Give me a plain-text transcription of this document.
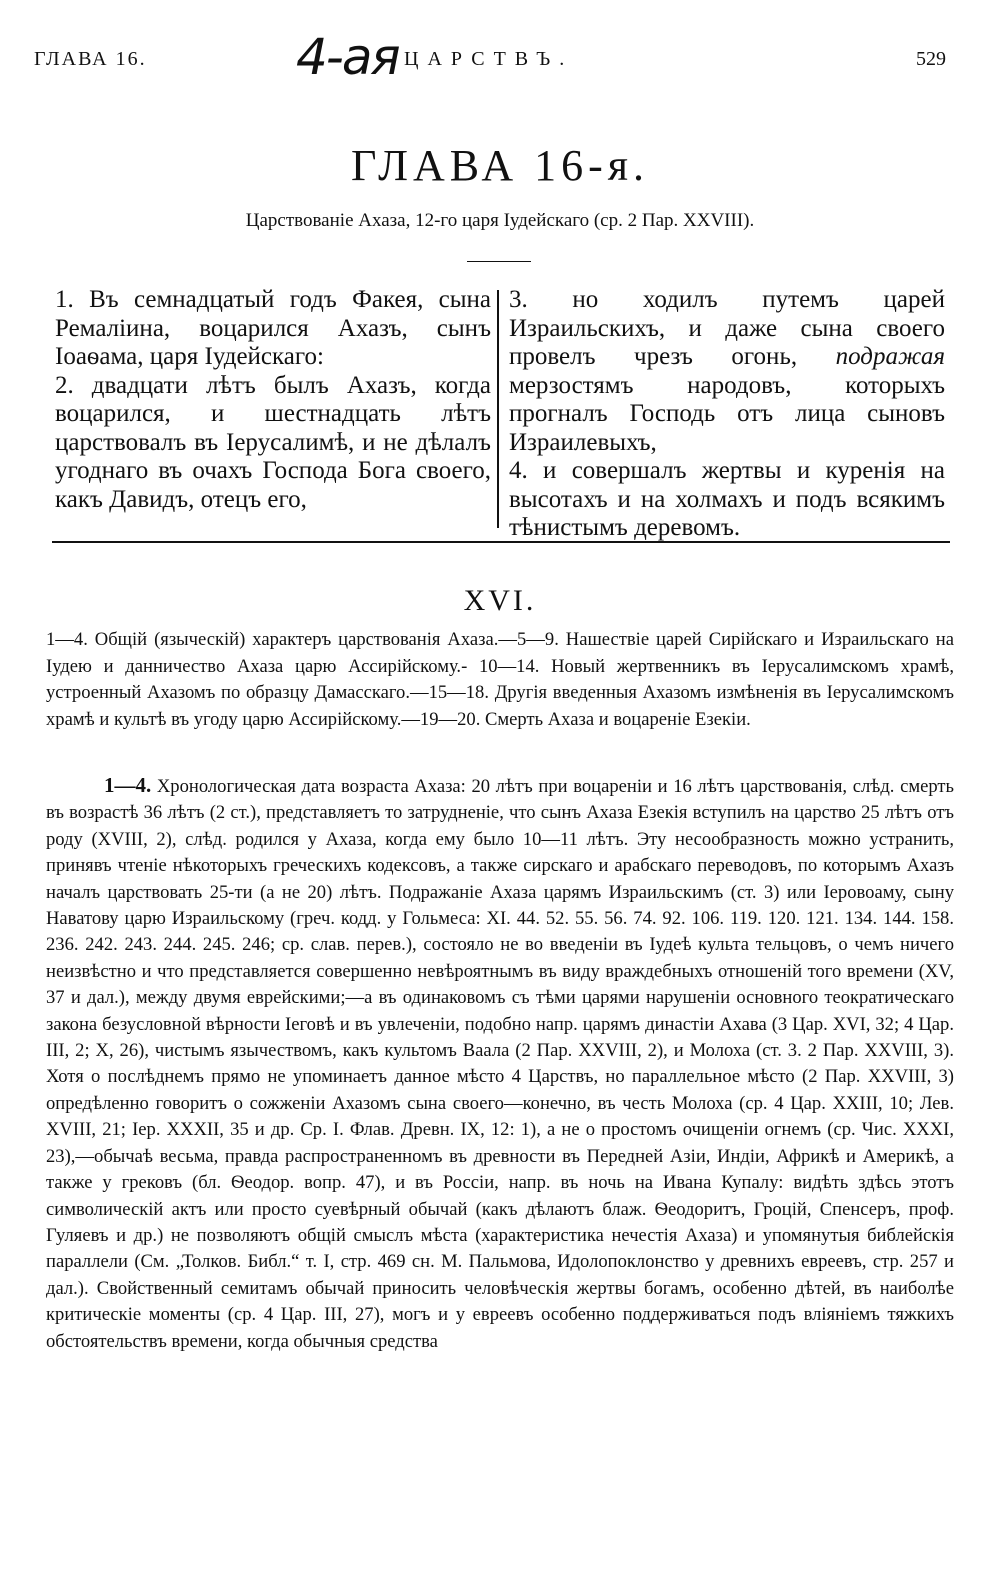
ГЛАВА 16.	4-ая ЦАРСТВЪ.	529
ГЛАВА 16-я.
Царствованіе Ахаза, 12-го царя Іудейскаго (ср. 2 Пар. XXVIII).

1. Въ семнадцатый годъ Факея, сына Ремаліина, воцарился Ахазъ, сынъ Іоаѳама, царя Іудейскаго:

2. двадцати лѣтъ былъ Ахазъ, когда воцарился, и шестнадцать лѣтъ царствовалъ въ Іерусалимѣ, и не дѣлалъ угоднаго въ очахъ Господа Бога своего, какъ Давидъ, отецъ его,

3. но ходилъ путемъ царей Израильскихъ, и даже сына своего провелъ чрезъ огонь, подражая мерзостямъ народовъ, которыхъ прогналъ Господь отъ лица сыновъ Израилевыхъ,

4. и совершалъ жертвы и куренія на высотахъ и на холмахъ и подъ всякимъ тѣнистымъ деревомъ.

XVI.

1—4. Общій (языческій) характеръ царствованія Ахаза.—5—9. Нашествіе царей Сирійскаго и Израильскаго на Іудею и данничество Ахаза царю Ассирійскому.- 10—14. Новый жертвенникъ въ Іерусалимскомъ храмѣ, устроенный Ахазомъ по образцу Дамасскаго.—15—18. Другія введенныя Ахазомъ измѣненія въ Іерусалимскомъ храмѣ и культѣ въ угоду царю Ассирійскому.—19—20. Смерть Ахаза и воцареніе Езекіи.

1—4. Хронологическая дата возраста Ахаза: 20 лѣтъ при воцареніи и 16 лѣтъ царствованія, слѣд. смерть въ возрастѣ 36 лѣтъ (2 ст.), представляетъ то затрудненіе, что сынъ Ахаза Езекія вступилъ на царство 25 лѣтъ отъ роду (XVIII, 2), слѣд. родился у Ахаза, когда ему было 10—11 лѣтъ. Эту несообразность можно устранить, принявъ чтеніе нѣкоторыхъ греческихъ кодексовъ, а также сирскаго и арабскаго переводовъ, по которымъ Ахазъ началъ царствовать 25-ти (а не 20) лѣтъ. Подражаніе Ахаза царямъ Израильскимъ (ст. 3) или Іеровоаму, сыну Наватову царю Израильскому (греч. кодд. у Гольмеса: XI. 44. 52. 55. 56. 74. 92. 106. 119. 120. 121. 134. 144. 158. 236. 242. 243. 244. 245. 246; ср. слав. перев.), состояло не во введеніи въ Іудеѣ культа тельцовъ, о чемъ ничего неизвѣстно и что представляется совершенно невѣроятнымъ въ виду враждебныхъ отношеній того времени (XV, 37 и дал.), между двумя еврейскими;—а въ одинаковомъ съ тѣми царями нарушеніи основного теократическаго закона безусловной вѣрности Іеговѣ и въ увлеченіи, подобно напр. царямъ династіи Ахава (3 Цар. XVI, 32; 4 Цар. III, 2; X, 26), чистымъ язычествомъ, какъ культомъ Ваала (2 Пар. XXVIII, 2), и Молоха (ст. 3. 2 Пар. XXVIII, 3). Хотя о послѣднемъ прямо не упоминаетъ данное мѣсто 4 Царствъ, но параллельное мѣсто (2 Пар. XXVIII, 3) опредѣленно говоритъ о сожженіи Ахазомъ сына своего—конечно, въ честь Молоха (ср. 4 Цар. XXIII, 10; Лев. XVIII, 21; Іер. XXXII, 35 и др. Ср. І. Флав. Древн. IX, 12: 1), а не о простомъ очищеніи огнемъ (ср. Чис. XXXI, 23),—обычаѣ весьма, правда распространенномъ въ древности въ Передней Азіи, Индіи, Африкѣ и Америкѣ, а также у грековъ (бл. Ѳеодор. вопр. 47), и въ Россіи, напр. въ ночь на Ивана Купалу: видѣть здѣсь этотъ символическій актъ или просто суевѣрный обычай (какъ дѣлаютъ блаж. Ѳеодоритъ, Гроцій, Спенсеръ, проф. Гуляевъ и др.) не позволяютъ общій смыслъ мѣста (характеристика нечестія Ахаза) и упомянутыя библейскія параллели (См. „Толков. Библ.“ т. I, стр. 469 сн. М. Пальмова, Идолопоклонство у древнихъ евреевъ, стр. 257 и дал.). Свойственный семитамъ обычай приносить человѣческія жертвы богамъ, особенно дѣтей, въ наиболѣе критическіе моменты (ср. 4 Цар. III, 27), могъ и у евреевъ особенно поддерживаться подъ вліяніемъ тяжкихъ обстоятельствъ времени, когда обычныя средства
